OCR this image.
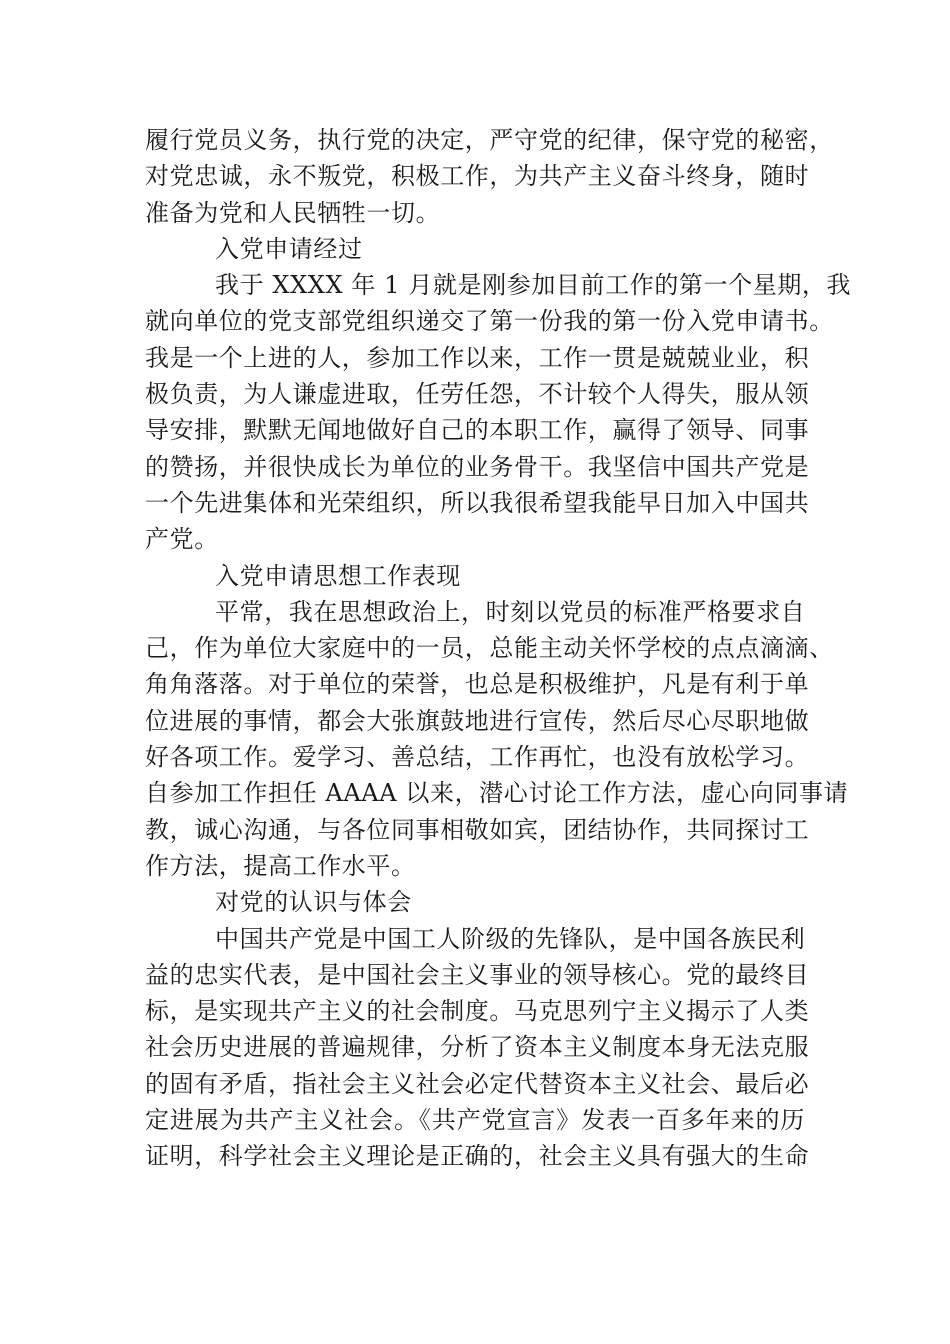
履行党员义务，执行党的决定，严守党的纪律，保守党的秘密，
对党忠诚，永不叛党，积极工作，为共产主义奋斗终身，随时
准备为党和人民牺牲一切。
入党申请经过
我于 XXXX 年 1 月就是刚参加目前工作的第一个星期，我
就向单位的党支部党组织递交了第一份我的第一份入党申请书。
我是一个上进的人，参加工作以来，工作一贯是兢兢业业，积
极负责，为人谦虚进取，任劳任怨，不计较个人得失，服从领
导安排，默默无闻地做好自己的本职工作，赢得了领导、同事
的赞扬，并很快成长为单位的业务骨干。我坚信中国共产党是
一个先进集体和光荣组织，所以我很希望我能早日加入中国共
产党。
入党申请思想工作表现
平常，我在思想政治上，时刻以党员的标准严格要求自
己，作为单位大家庭中的一员，总能主动关怀学校的点点滴滴、
角角落落。对于单位的荣誉，也总是积极维护，凡是有利于单
位进展的事情，都会大张旗鼓地进行宣传，然后尽心尽职地做
好各项工作。爱学习、善总结，工作再忙，也没有放松学习。
自参加工作担任 AAAA 以来，潜心讨论工作方法，虚心向同事请
教，诚心沟通，与各位同事相敬如宾，团结协作，共同探讨工
作方法，提高工作水平。
对党的认识与体会
中国共产党是中国工人阶级的先锋队，是中国各族民利
益的忠实代表，是中国社会主义事业的领导核心。党的最终目
标，是实现共产主义的社会制度。马克思列宁主义揭示了人类
社会历史进展的普遍规律，分析了资本主义制度本身无法克服
的固有矛盾，指社会主义社会必定代替资本主义社会、最后必
定进展为共产主义社会。《共产党宣言》发表一百多年来的历
证明，科学社会主义理论是正确的，社会主义具有强大的生命
